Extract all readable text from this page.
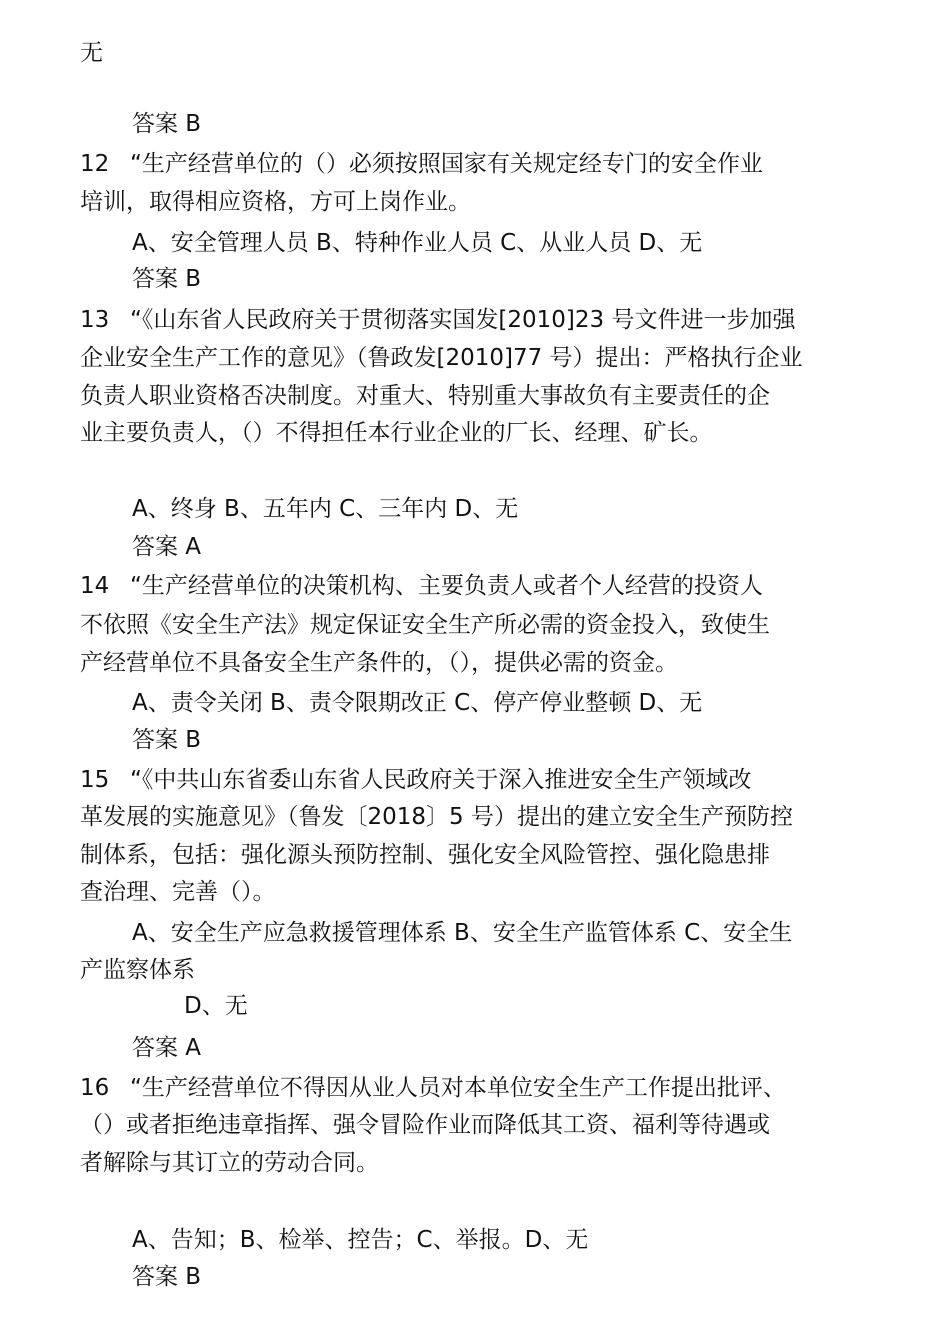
无
答案 B
12 “生产经营单位的（）必须按照国家有关规定经专门的安全作业
培训，取得相应资格，方可上岗作业。
A、安全管理人员 B、特种作业人员 C、从业人员 D、无
答案 B
13 “《山东省人民政府关于贯彻落实国发[2010]23 号文件进一步加强
企业安全生产工作的意见》（鲁政发[2010]77 号）提出：严格执行企业
负责人职业资格否决制度。对重大、特别重大事故负有主要责任的企
业主要负责人，（）不得担任本行业企业的厂长、经理、矿长。
A、终身 B、五年内 C、三年内 D、无
答案 A
14 “生产经营单位的决策机构、主要负责人或者个人经营的投资人
不依照《安全生产法》规定保证安全生产所必需的资金投入，致使生
产经营单位不具备安全生产条件的，（），提供必需的资金。
A、责令关闭 B、责令限期改正 C、停产停业整顿 D、无
答案 B
15 “《中共山东省委山东省人民政府关于深入推进安全生产领域改
革发展的实施意见》（鲁发〔2018〕5 号）提出的建立安全生产预防控
制体系，包括：强化源头预防控制、强化安全风险管控、强化隐患排
查治理、完善（）。
A、安全生产应急救援管理体系 B、安全生产监管体系 C、安全生
产监察体系
D、无
答案 A
16 “生产经营单位不得因从业人员对本单位安全生产工作提出批评、
（）或者拒绝违章指挥、强令冒险作业而降低其工资、福利等待遇或
者解除与其订立的劳动合同。
A、告知；B、检举、控告；C、举报。D、无
答案 B
